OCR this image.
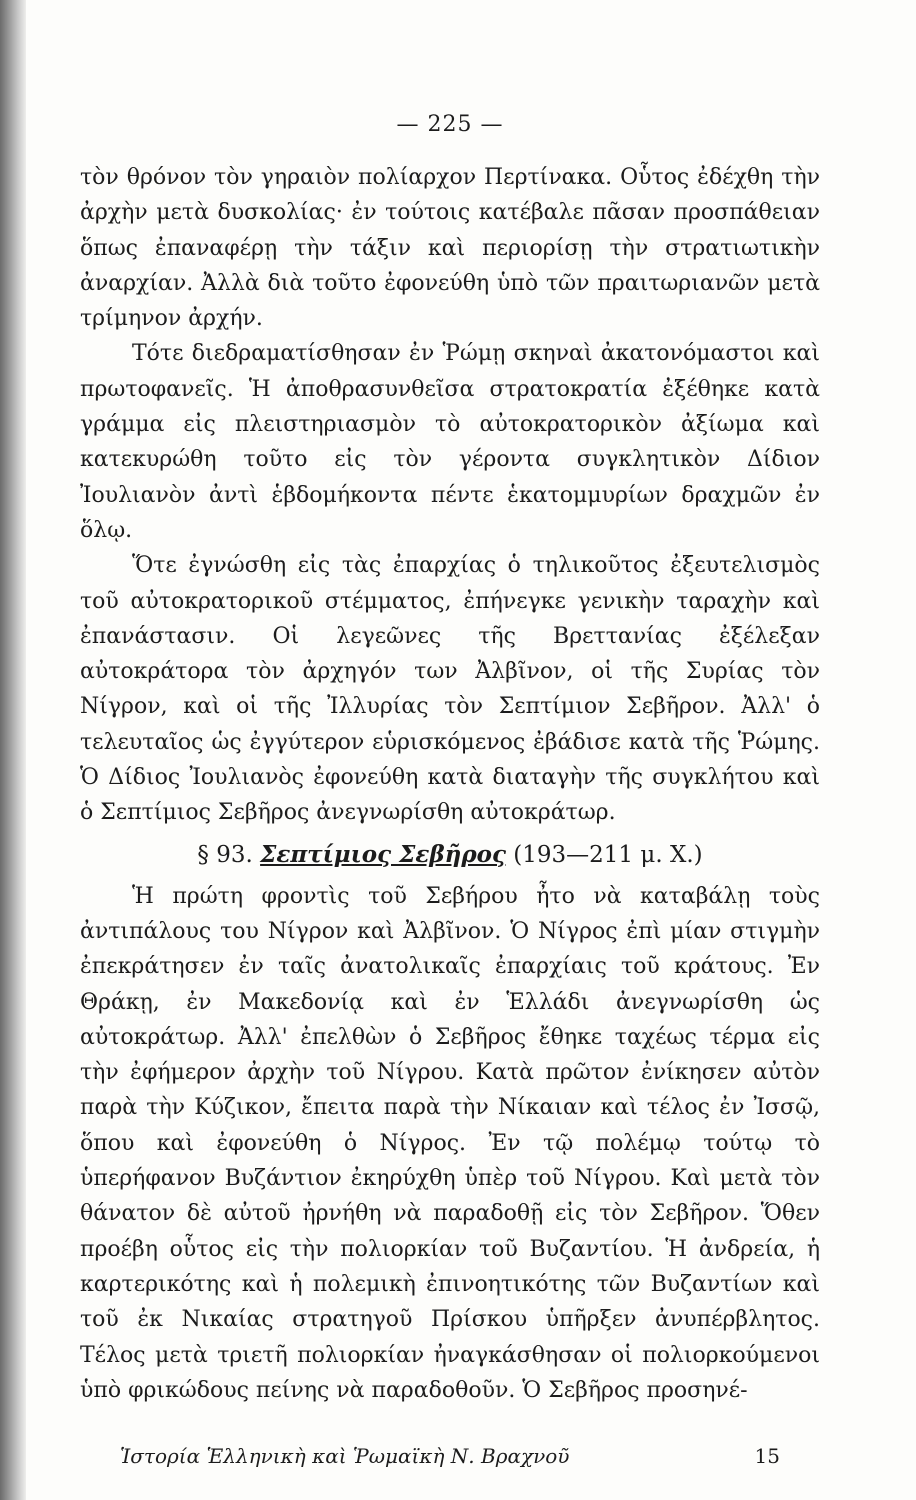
— 225 —

τὸν θρόνον τὸν γηραιὸν πολίαρχον Περτίνακα. Οὗτος ἐδέχθη τὴν ἀρχὴν μετὰ δυσκολίας· ἐν τούτοις κατέβαλε πᾶσαν προσπάθειαν ὅπως ἐπαναφέρῃ τὴν τάξιν καὶ περιορίσῃ τὴν στρατιωτικὴν ἀναρχίαν. Ἀλλὰ διὰ τοῦτο ἐφονεύθη ὑπὸ τῶν πραιτωριανῶν μετὰ τρίμηνον ἀρχήν.

Τότε διεδραματίσθησαν ἐν Ῥώμῃ σκηναὶ ἀκατονόμαστοι καὶ πρωτοφανεῖς. Ἡ ἀποθρασυνθεῖσα στρατοκρατία ἐξέθηκε κατὰ γράμμα εἰς πλειστηριασμὸν τὸ αὐτοκρατορικὸν ἀξίωμα καὶ κατεκυρώθη τοῦτο εἰς τὸν γέροντα συγκλητικὸν Δίδιον Ἰουλιανὸν ἀντὶ ἑβδομήκοντα πέντε ἑκατομμυρίων δραχμῶν ἐν ὅλῳ.

Ὅτε ἐγνώσθη εἰς τὰς ἐπαρχίας ὁ τηλικοῦτος ἐξευτελισμὸς τοῦ αὐτοκρατορικοῦ στέμματος, ἐπήνεγκε γενικὴν ταραχὴν καὶ ἐπανάστασιν. Οἱ λεγεῶνες τῆς Βρεττανίας ἐξέλεξαν αὐτοκράτορα τὸν ἀρχηγόν των Ἀλβῖνον, οἱ τῆς Συρίας τὸν Νίγρον, καὶ οἱ τῆς Ἰλλυρίας τὸν Σεπτίμιον Σεβῆρον. Ἀλλ' ὁ τελευταῖος ὡς ἐγγύτερον εὑρισκόμενος ἐβάδισε κατὰ τῆς Ῥώμης. Ὁ Δίδιος Ἰουλιανὸς ἐφονεύθη κατὰ διαταγὴν τῆς συγκλήτου καὶ ὁ Σεπτίμιος Σεβῆρος ἀνεγνωρίσθη αὐτοκράτωρ.

§ 93. Σεπτίμιος Σεβῆρος (193—211 μ. Χ.)

Ἡ πρώτη φροντὶς τοῦ Σεβήρου ἦτο νὰ καταβάλῃ τοὺς ἀντιπάλους του Νίγρον καὶ Ἀλβῖνον. Ὁ Νίγρος ἐπὶ μίαν στιγμὴν ἐπεκράτησεν ἐν ταῖς ἀνατολικαῖς ἐπαρχίαις τοῦ κράτους. Ἐν Θράκῃ, ἐν Μακεδονίᾳ καὶ ἐν Ἑλλάδι ἀνεγνωρίσθη ὡς αὐτοκράτωρ. Ἀλλ' ἐπελθὼν ὁ Σεβῆρος ἔθηκε ταχέως τέρμα εἰς τὴν ἐφήμερον ἀρχὴν τοῦ Νίγρου. Κατὰ πρῶτον ἐνίκησεν αὐτὸν παρὰ τὴν Κύζικον, ἔπειτα παρὰ τὴν Νίκαιαν καὶ τέλος ἐν Ἰσσῷ, ὅπου καὶ ἐφονεύθη ὁ Νίγρος. Ἐν τῷ πολέμῳ τούτῳ τὸ ὑπερήφανον Βυζάντιον ἐκηρύχθη ὑπὲρ τοῦ Νίγρου. Καὶ μετὰ τὸν θάνατον δὲ αὐτοῦ ἠρνήθη νὰ παραδοθῇ εἰς τὸν Σεβῆρον. Ὅθεν προέβη οὗτος εἰς τὴν πολιορκίαν τοῦ Βυζαντίου. Ἡ ἀνδρεία, ἡ καρτερικότης καὶ ἡ πολεμικὴ ἐπινοητικότης τῶν Βυζαντίων καὶ τοῦ ἐκ Νικαίας στρατηγοῦ Πρίσκου ὑπῆρξεν ἀνυπέρβλητος. Τέλος μετὰ τριετῆ πολιορκίαν ἠναγκάσθησαν οἱ πολιορκούμενοι ὑπὸ φρικώδους πείνης νὰ παραδοθοῦν. Ὁ Σεβῆρος προσηνέ-

Ἱστορία Ἑλληνικὴ καὶ Ῥωμαϊκὴ Ν. Βραχνοῦ	15
